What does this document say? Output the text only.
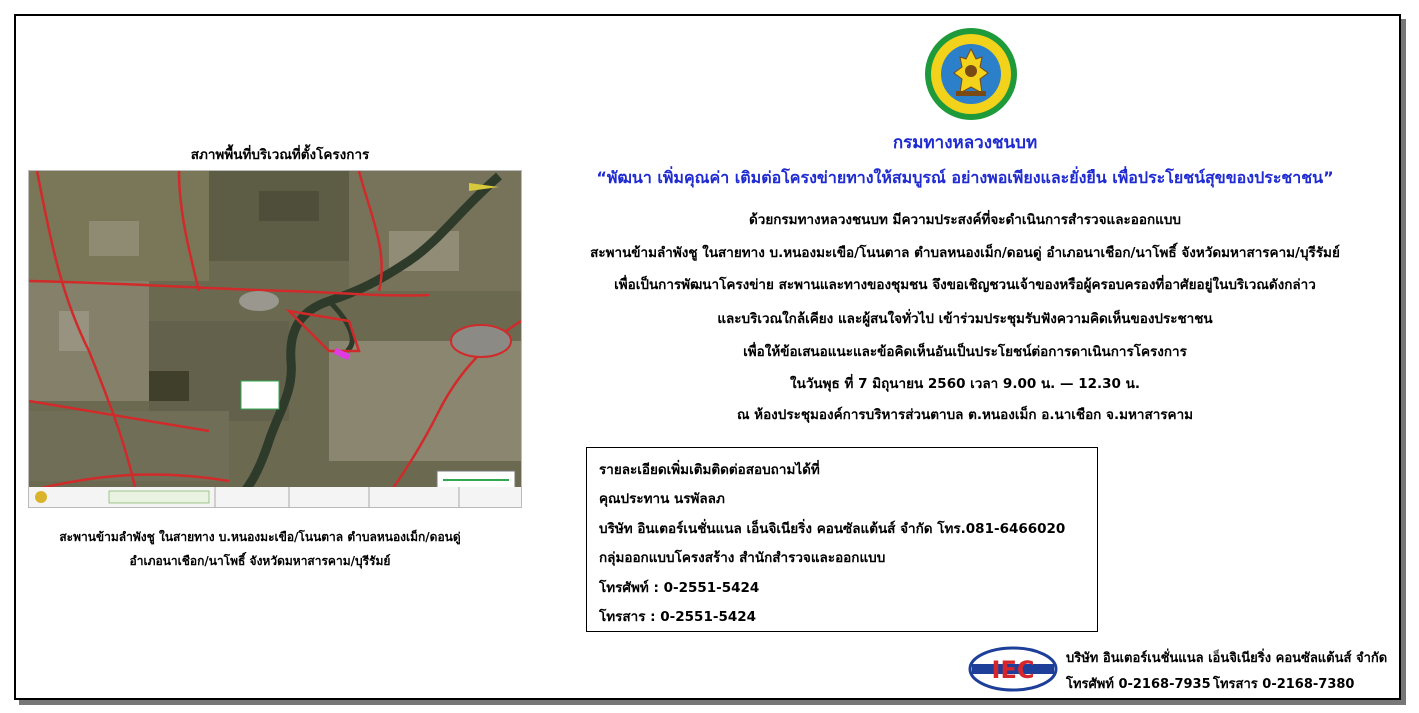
สภาพพื้นที่บริเวณที่ตั้งโครงการ
สะพานข้ามลำพังชู ในสายทาง บ.หนองมะเขือ/โนนตาล ตำบลหนองเม็ก/ดอนดู่
อำเภอนาเชือก/นาโพธิ์ จังหวัดมหาสารคาม/บุรีรัมย์
กรมทางหลวงชนบท
“พัฒนา เพิ่มคุณค่า เติมต่อโครงข่ายทางให้สมบูรณ์ อย่างพอเพียงและยั่งยืน เพื่อประโยชน์สุขของประชาชน”
ด้วยกรมทางหลวงชนบท มีความประสงค์ที่จะดำเนินการสำรวจและออกแบบ
สะพานข้ามลำพังชู ในสายทาง บ.หนองมะเขือ/โนนตาล ตำบลหนองเม็ก/ดอนดู่ อำเภอนาเชือก/นาโพธิ์ จังหวัดมหาสารคาม/บุรีรัมย์
เพื่อเป็นการพัฒนาโครงข่าย สะพานและทางของชุมชน จึงขอเชิญชวนเจ้าของหรือผู้ครอบครองที่อาศัยอยู่ในบริเวณดังกล่าว
และบริเวณใกล้เคียง และผู้สนใจทั่วไป เข้าร่วมประชุมรับฟังความคิดเห็นของประชาชน
เพื่อให้ข้อเสนอแนะและข้อคิดเห็นอันเป็นประโยชน์ต่อการดาเนินการโครงการ
ในวันพุธ ที่ 7 มิถุนายน 2560 เวลา 9.00 น. — 12.30 น.
ณ ห้องประชุมองค์การบริหารส่วนตาบล ต.หนองเม็ก อ.นาเชือก จ.มหาสารคาม
รายละเอียดเพิ่มเติมติดต่อสอบถามได้ที่
คุณประทาน นรพัลลภ
บริษัท อินเตอร์เนชั่นแนล เอ็นจิเนียริ่ง คอนซัลแต้นส์ จำกัด โทร.081-6466020
กลุ่มออกแบบโครงสร้าง สำนักสำรวจและออกแบบ
โทรศัพท์ : 0-2551-5424
โทรสาร : 0-2551-5424
IEC บริษัท อินเตอร์เนชั่นแนล เอ็นจิเนียริ่ง คอนซัลแต้นส์ จำกัด
โทรศัพท์ 0-2168-7935 โทรสาร 0-2168-7380
